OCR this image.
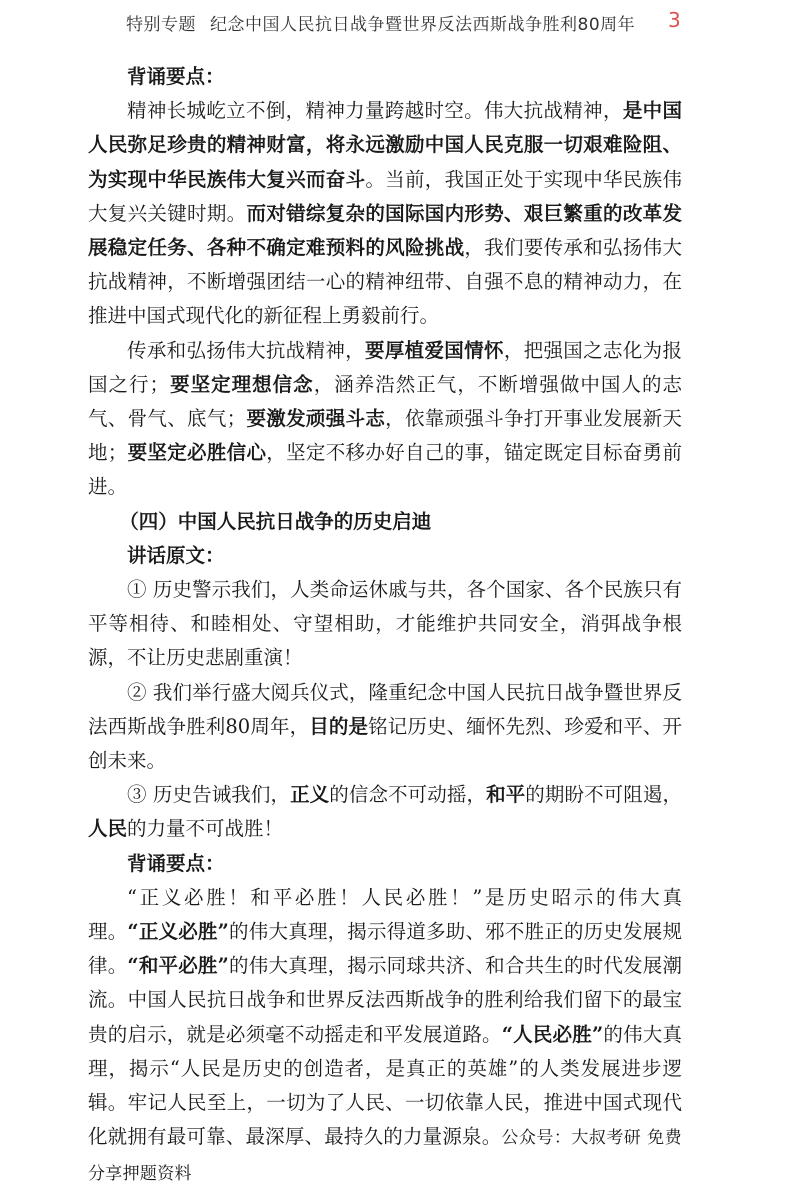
特别专题 纪念中国人民抗日战争暨世界反法西斯战争胜利80周年 3

背诵要点：

精神长城屹立不倒，精神力量跨越时空。伟大抗战精神，是中国人民弥足珍贵的精神财富，将永远激励中国人民克服一切艰难险阻、为实现中华民族伟大复兴而奋斗。当前，我国正处于实现中华民族伟大复兴关键时期。而对错综复杂的国际国内形势、艰巨繁重的改革发展稳定任务、各种不确定难预料的风险挑战，我们要传承和弘扬伟大抗战精神，不断增强团结一心的精神纽带、自强不息的精神动力，在推进中国式现代化的新征程上勇毅前行。

传承和弘扬伟大抗战精神，要厚植爱国情怀，把强国之志化为报国之行；要坚定理想信念，涵养浩然正气，不断增强做中国人的志气、骨气、底气；要激发顽强斗志，依靠顽强斗争打开事业发展新天地；要坚定必胜信心，坚定不移办好自己的事，锚定既定目标奋勇前进。

（四）中国人民抗日战争的历史启迪

讲话原文：

① 历史警示我们，人类命运休戚与共，各个国家、各个民族只有平等相待、和睦相处、守望相助，才能维护共同安全，消弭战争根源，不让历史悲剧重演！

② 我们举行盛大阅兵仪式，隆重纪念中国人民抗日战争暨世界反法西斯战争胜利80周年，目的是铭记历史、缅怀先烈、珍爱和平、开创未来。

③ 历史告诫我们，正义的信念不可动摇，和平的期盼不可阻遏，人民的力量不可战胜！

背诵要点：

“正义必胜！和平必胜！人民必胜！”是历史昭示的伟大真理。“正义必胜”的伟大真理，揭示得道多助、邪不胜正的历史发展规律。“和平必胜”的伟大真理，揭示同球共济、和合共生的时代发展潮流。中国人民抗日战争和世界反法西斯战争的胜利给我们留下的最宝贵的启示，就是必须毫不动摇走和平发展道路。“人民必胜”的伟大真理，揭示“人民是历史的创造者，是真正的英雄”的人类发展进步逻辑。牢记人民至上，一切为了人民、一切依靠人民，推进中国式现代化就拥有最可靠、最深厚、最持久的力量源泉。公众号：大叔考研 免费分享押题资料
